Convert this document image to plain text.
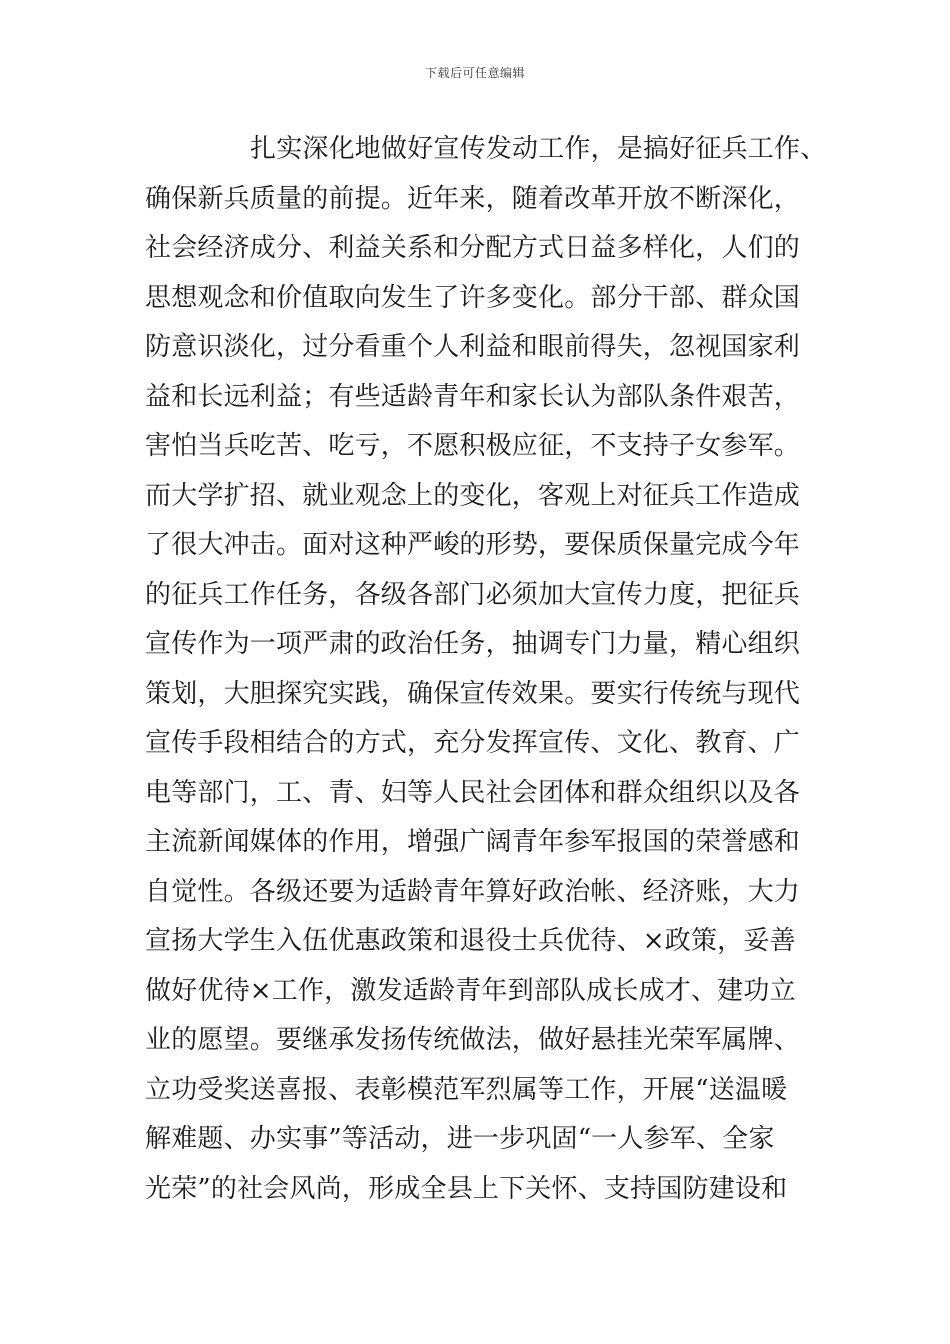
下载后可任意编辑
扎实深化地做好宣传发动工作，是搞好征兵工作、
确保新兵质量的前提。近年来，随着改革开放不断深化，
社会经济成分、利益关系和分配方式日益多样化，人们的
思想观念和价值取向发生了许多变化。部分干部、群众国
防意识淡化，过分看重个人利益和眼前得失，忽视国家利
益和长远利益；有些适龄青年和家长认为部队条件艰苦，
害怕当兵吃苦、吃亏，不愿积极应征，不支持子女参军。
而大学扩招、就业观念上的变化，客观上对征兵工作造成
了很大冲击。面对这种严峻的形势，要保质保量完成今年
的征兵工作任务，各级各部门必须加大宣传力度，把征兵
宣传作为一项严肃的政治任务，抽调专门力量，精心组织
策划，大胆探究实践，确保宣传效果。要实行传统与现代
宣传手段相结合的方式，充分发挥宣传、文化、教育、广
电等部门，工、青、妇等人民社会团体和群众组织以及各
主流新闻媒体的作用，增强广阔青年参军报国的荣誉感和
自觉性。各级还要为适龄青年算好政治帐、经济账，大力
宣扬大学生入伍优惠政策和退役士兵优待、×政策，妥善
做好优待×工作，激发适龄青年到部队成长成才、建功立
业的愿望。要继承发扬传统做法，做好悬挂光荣军属牌、
立功受奖送喜报、表彰模范军烈属等工作，开展“送温暖
解难题、办实事”等活动，进一步巩固“一人参军、全家
光荣”的社会风尚，形成全县上下关怀、支持国防建设和
